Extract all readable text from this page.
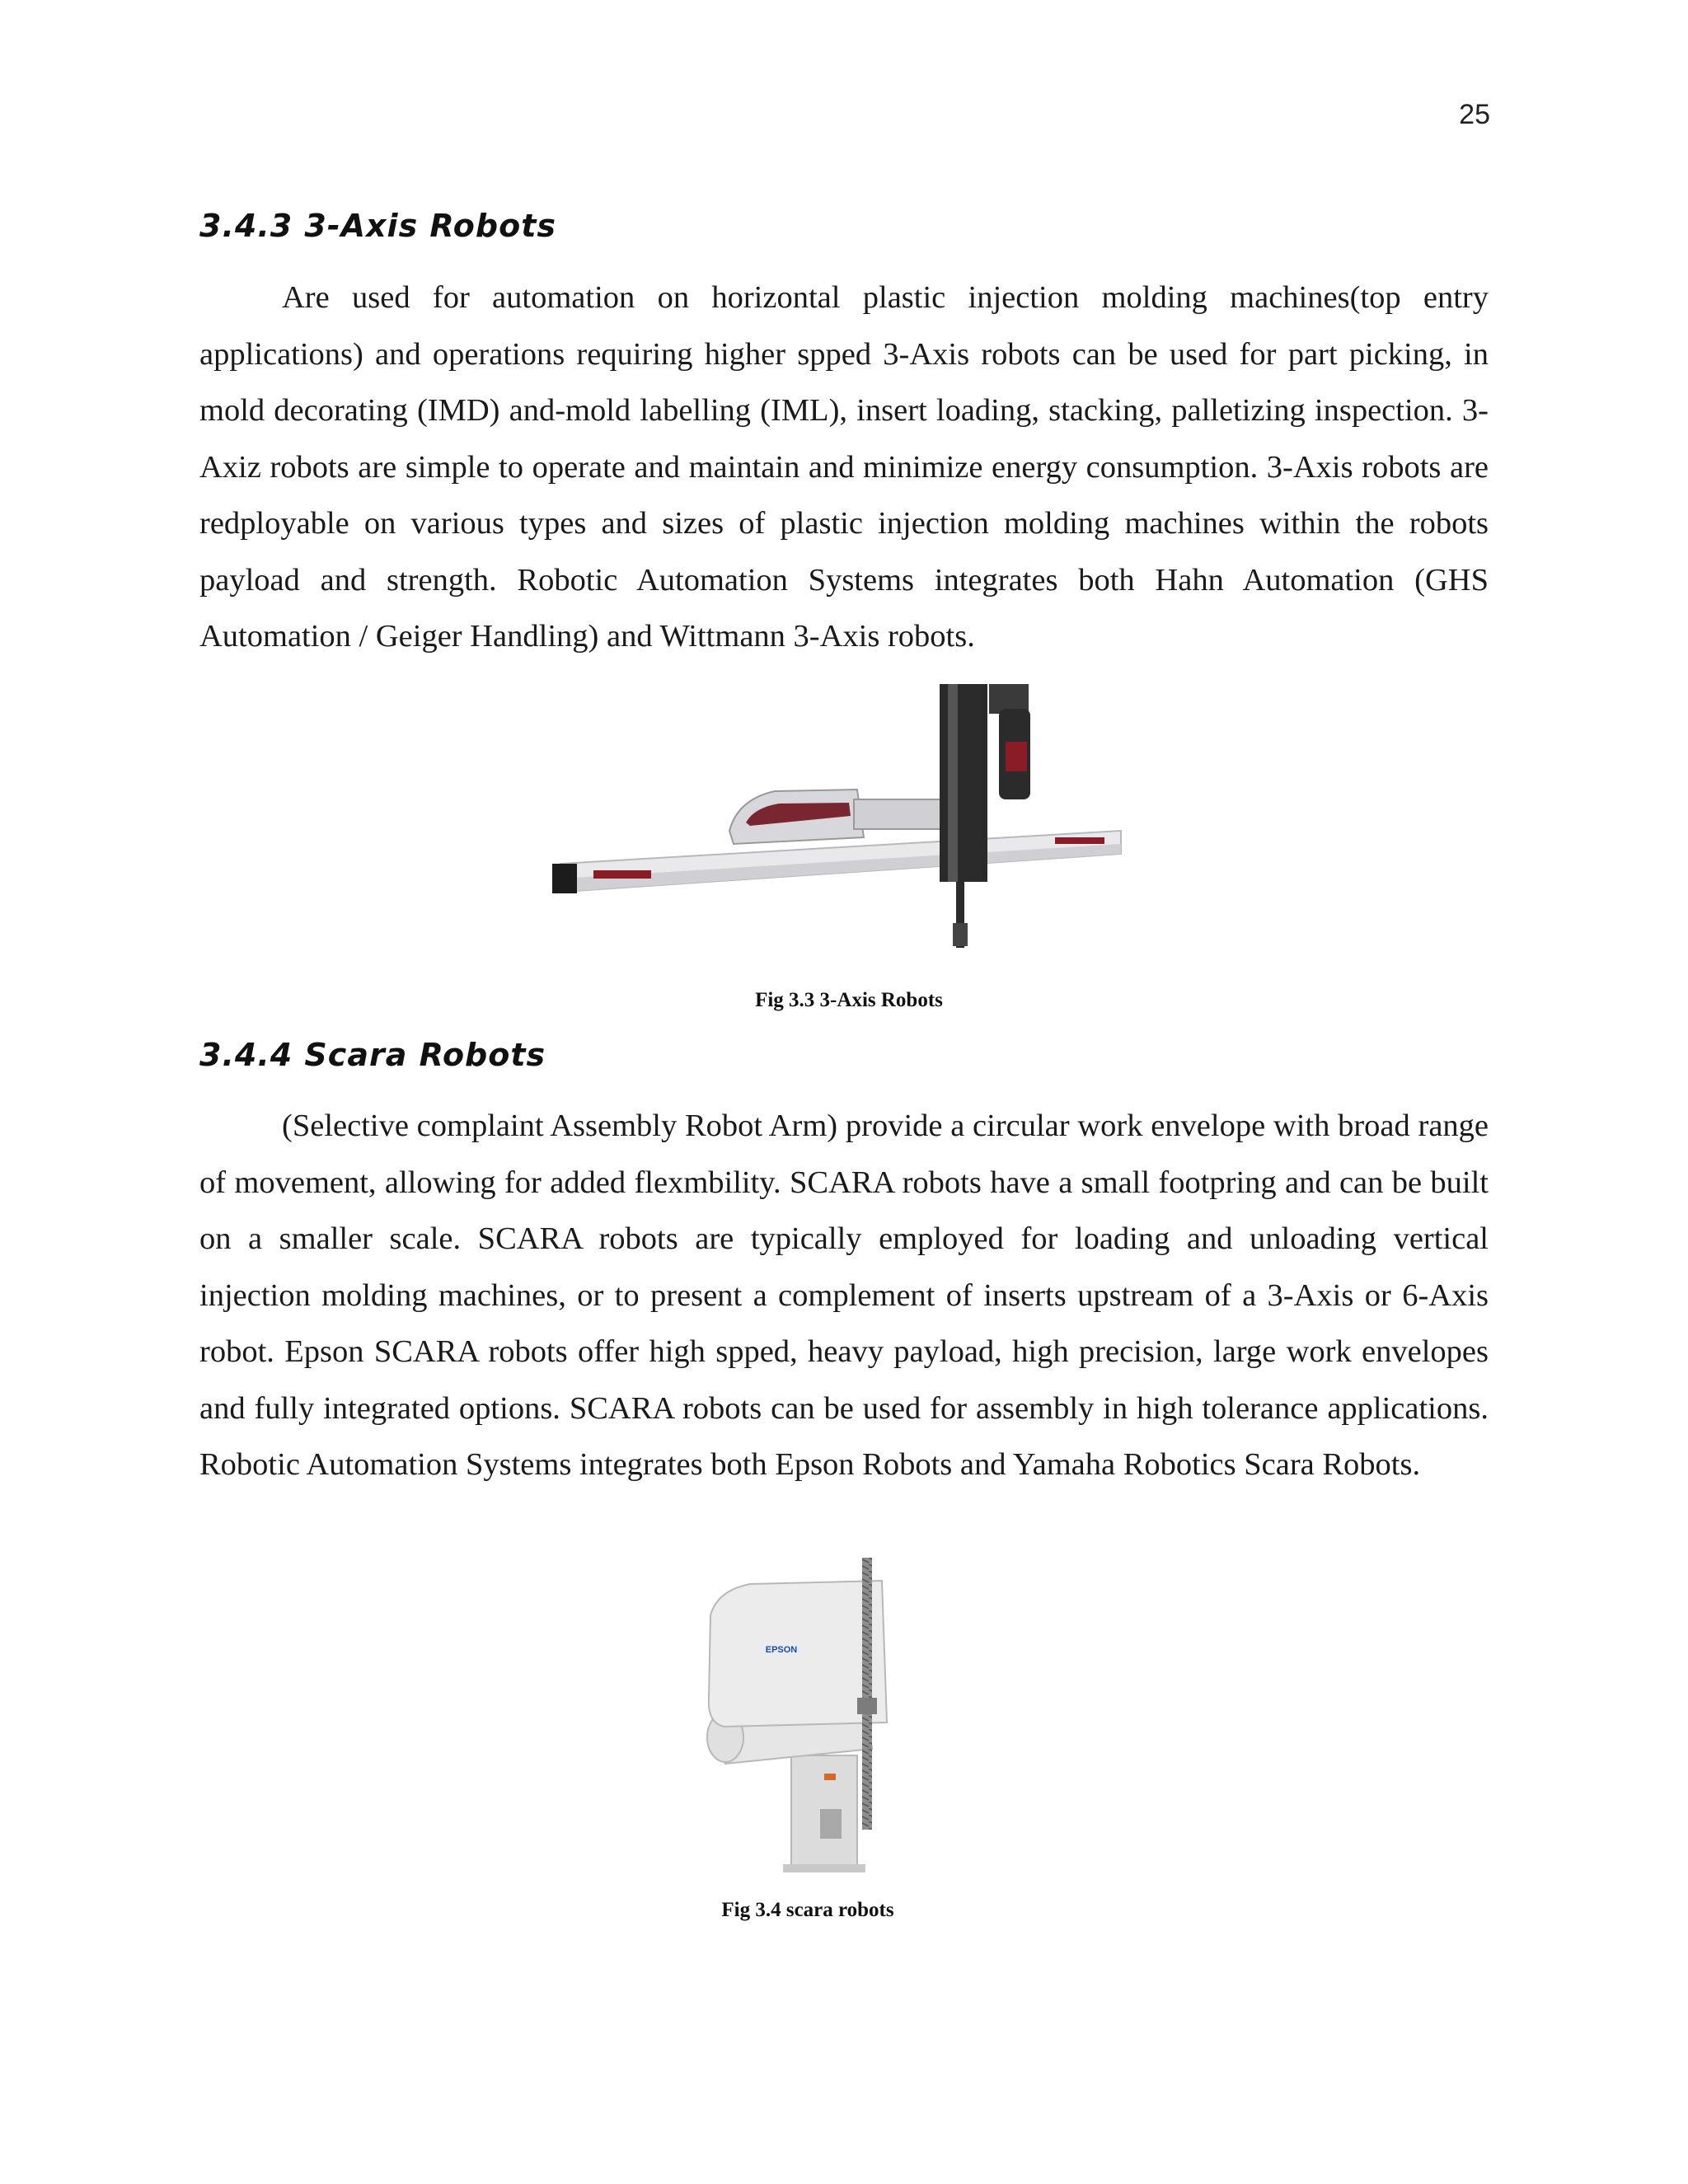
25
3.4.3 3-Axis Robots
Are used for automation on horizontal plastic injection molding machines(top entry applications) and operations requiring higher spped 3-Axis robots can be used for part picking, in mold decorating (IMD) and-mold labelling (IML), insert loading, stacking, palletizing inspection. 3-Axiz robots are simple to operate and maintain and minimize energy consumption. 3-Axis robots are redployable on various types and sizes of plastic injection molding machines within the robots payload and strength. Robotic Automation Systems integrates both Hahn Automation (GHS Automation / Geiger Handling) and Wittmann 3-Axis robots.
Fig 3.3 3-Axis Robots
3.4.4 Scara Robots
(Selective complaint Assembly Robot Arm) provide a circular work envelope with broad range of movement, allowing for added flexmbility. SCARA robots have a small footpring and can be built on a smaller scale. SCARA robots are typically employed for loading and unloading vertical injection molding machines, or to present a complement of inserts upstream of a 3-Axis or 6-Axis robot. Epson SCARA robots offer high spped, heavy payload, high precision, large work envelopes and fully integrated options. SCARA robots can be used for assembly in high tolerance applications. Robotic Automation Systems integrates both Epson Robots and Yamaha Robotics Scara Robots.
EPSON
Fig 3.4 scara robots
